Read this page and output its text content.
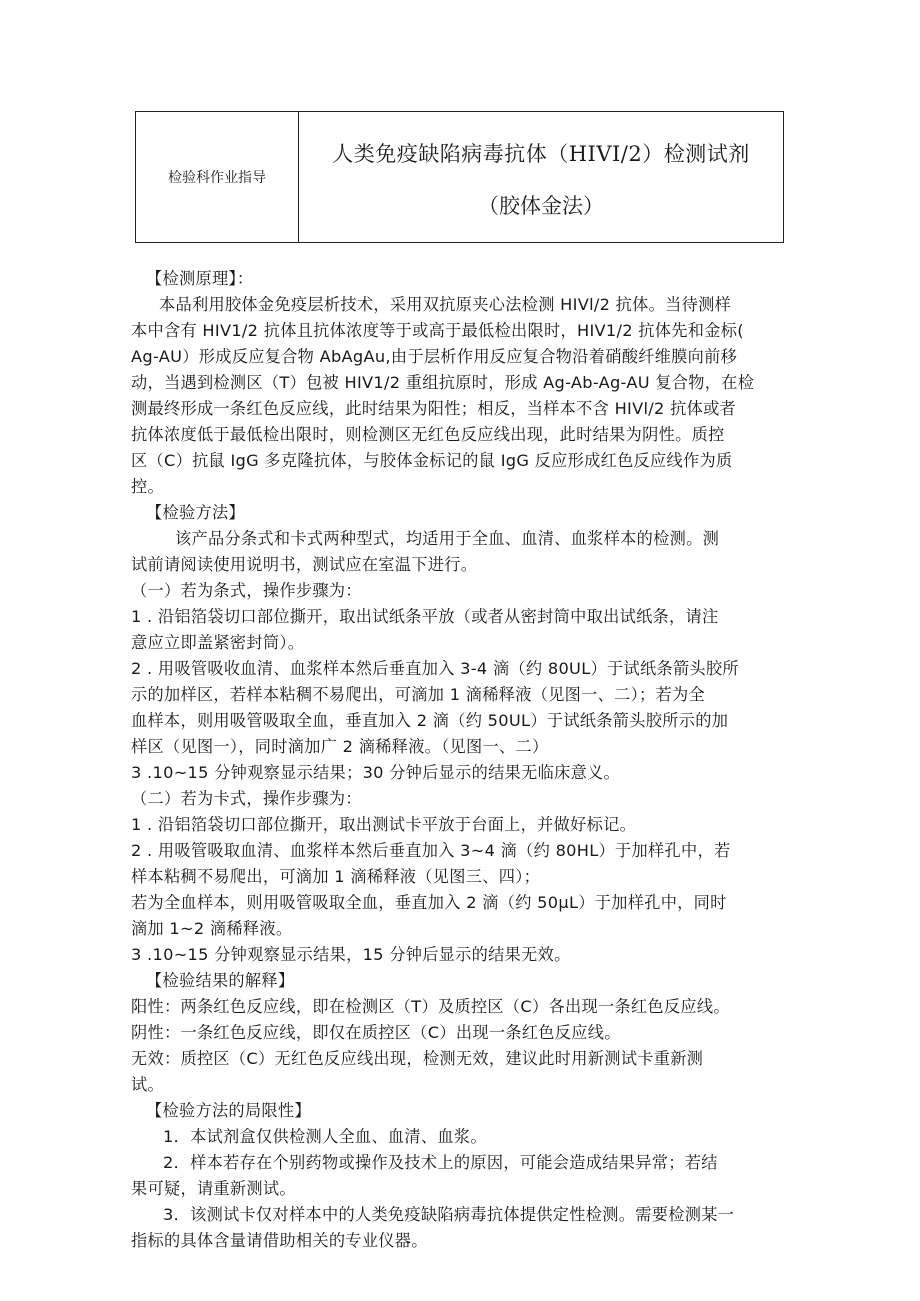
检验科作业指导
人类免疫缺陷病毒抗体（HIVI/2）检测试剂
（胶体金法）
【检测原理】：
本品利用胶体金免疫层析技术，采用双抗原夹心法检测 HIVl/2 抗体。当待测样
本中含有 HIV1/2 抗体且抗体浓度等于或高于最低检出限时，HIV1/2 抗体先和金标(
Ag-AU）形成反应复合物 AbAgAu,由于层析作用反应复合物沿着硝酸纤维膜向前移
动，当遇到检测区（T）包被 HIV1/2 重组抗原时，形成 Ag-Ab-Ag-AU 复合物，在检
测最终形成一条红色反应线，此时结果为阳性；相反，当样本不含 HIVl/2 抗体或者
抗体浓度低于最低检出限时，则检测区无红色反应线出现，此时结果为阴性。质控
区（C）抗鼠 IgG 多克隆抗体，与胶体金标记的鼠 IgG 反应形成红色反应线作为质
控。
【检验方法】
该产品分条式和卡式两种型式，均适用于全血、血清、血浆样本的检测。测
试前请阅读使用说明书，测试应在室温下进行。
（一）若为条式，操作步骤为：
1 . 沿铝箔袋切口部位撕开，取出试纸条平放（或者从密封筒中取出试纸条，请注
意应立即盖紧密封筒）。
2 . 用吸管吸收血清、血浆样本然后垂直加入 3-4 滴（约 80UL）于试纸条箭头胶所
示的加样区，若样本粘稠不易爬出，可滴加 1 滴稀释液（见图一、二）；若为全
血样本，则用吸管吸取全血，垂直加入 2 滴（约 50UL）于试纸条箭头胶所示的加
样区（见图一），同时滴加广 2 滴稀释液。（见图一、二）
3 .10~15 分钟观察显示结果；30 分钟后显示的结果无临床意义。
（二）若为卡式，操作步骤为：
1 . 沿铝箔袋切口部位撕开，取出测试卡平放于台面上，并做好标记。
2 . 用吸管吸取血清、血浆样本然后垂直加入 3~4 滴（约 80HL）于加样孔中，若
样本粘稠不易爬出，可滴加 1 滴稀释液（见图三、四）；
若为全血样本，则用吸管吸取全血，垂直加入 2 滴（约 50μL）于加样孔中，同时
滴加 1~2 滴稀释液。
3 .10~15 分钟观察显示结果，15 分钟后显示的结果无效。
【检验结果的解释】
阳性：两条红色反应线，即在检测区（T）及质控区（C）各出现一条红色反应线。
阴性：一条红色反应线，即仅在质控区（C）出现一条红色反应线。
无效：质控区（C）无红色反应线出现，检测无效，建议此时用新测试卡重新测
试。
【检验方法的局限性】
1．本试剂盒仅供检测人全血、血清、血浆。
2．样本若存在个别药物或操作及技术上的原因，可能会造成结果异常；若结
果可疑，请重新测试。
3．该测试卡仅对样本中的人类免疫缺陷病毒抗体提供定性检测。需要检测某一
指标的具体含量请借助相关的专业仪器。
